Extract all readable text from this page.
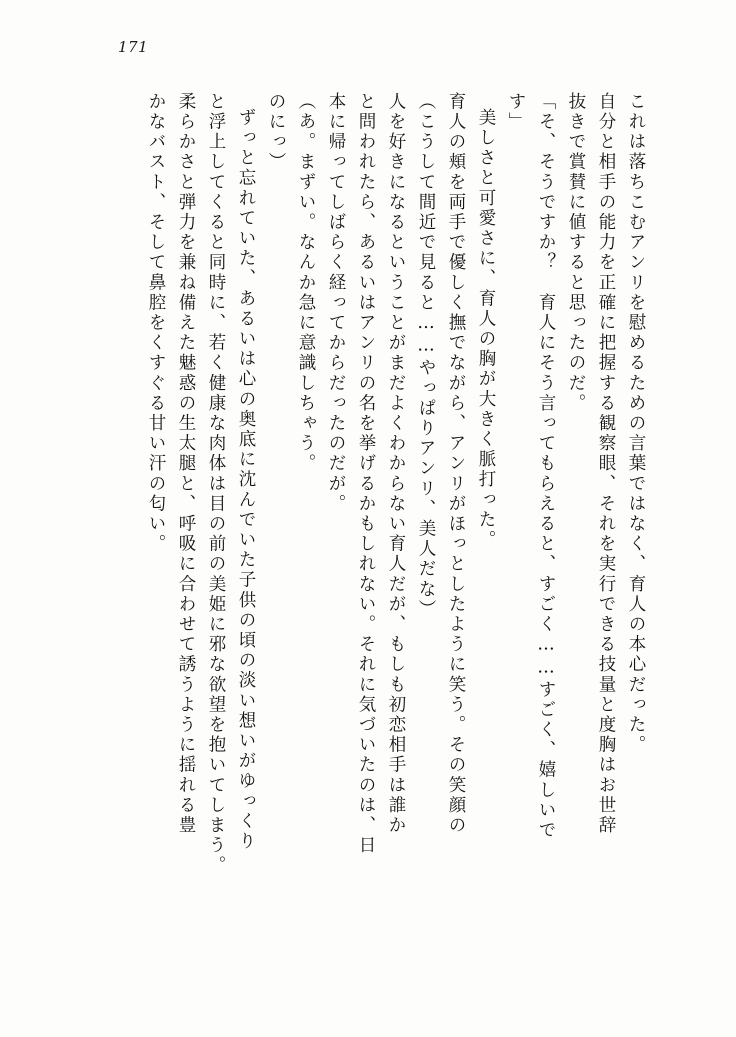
171
これは落ちこむアンリを慰めるための言葉ではなく、育人の本心だった。
自分と相手の能力を正確に把握する観察眼、それを実行できる技量と度胸はお世辞
抜きで賞賛に値すると思ったのだ。
「そ、そうですか？　育人にそう言ってもらえると、すごく……すごく、嬉しいで
す」
美しさと可愛さに、育人の胸が大きく脈打った。
育人の頬を両手で優しく撫でながら、アンリがほっとしたように笑う。その笑顔の
（こうして間近で見ると……やっぱりアンリ、美人だな）
人を好きになるということがまだよくわからない育人だが、もしも初恋相手は誰か
と問われたら、あるいはアンリの名を挙げるかもしれない。それに気づいたのは、日
本に帰ってしばらく経ってからだったのだが。
（あ。まずい。なんか急に意識しちゃう。
のにっ）
ずっと忘れていた、あるいは心の奥底に沈んでいた子供の頃の淡い想いがゆっくり
と浮上してくると同時に、若く健康な肉体は目の前の美姫に邪な欲望を抱いてしまう。
柔らかさと弾力を兼ね備えた魅惑の生太腿と、呼吸に合わせて誘うように揺れる豊
かなバスト、そして鼻腔をくすぐる甘い汗の匂い。
